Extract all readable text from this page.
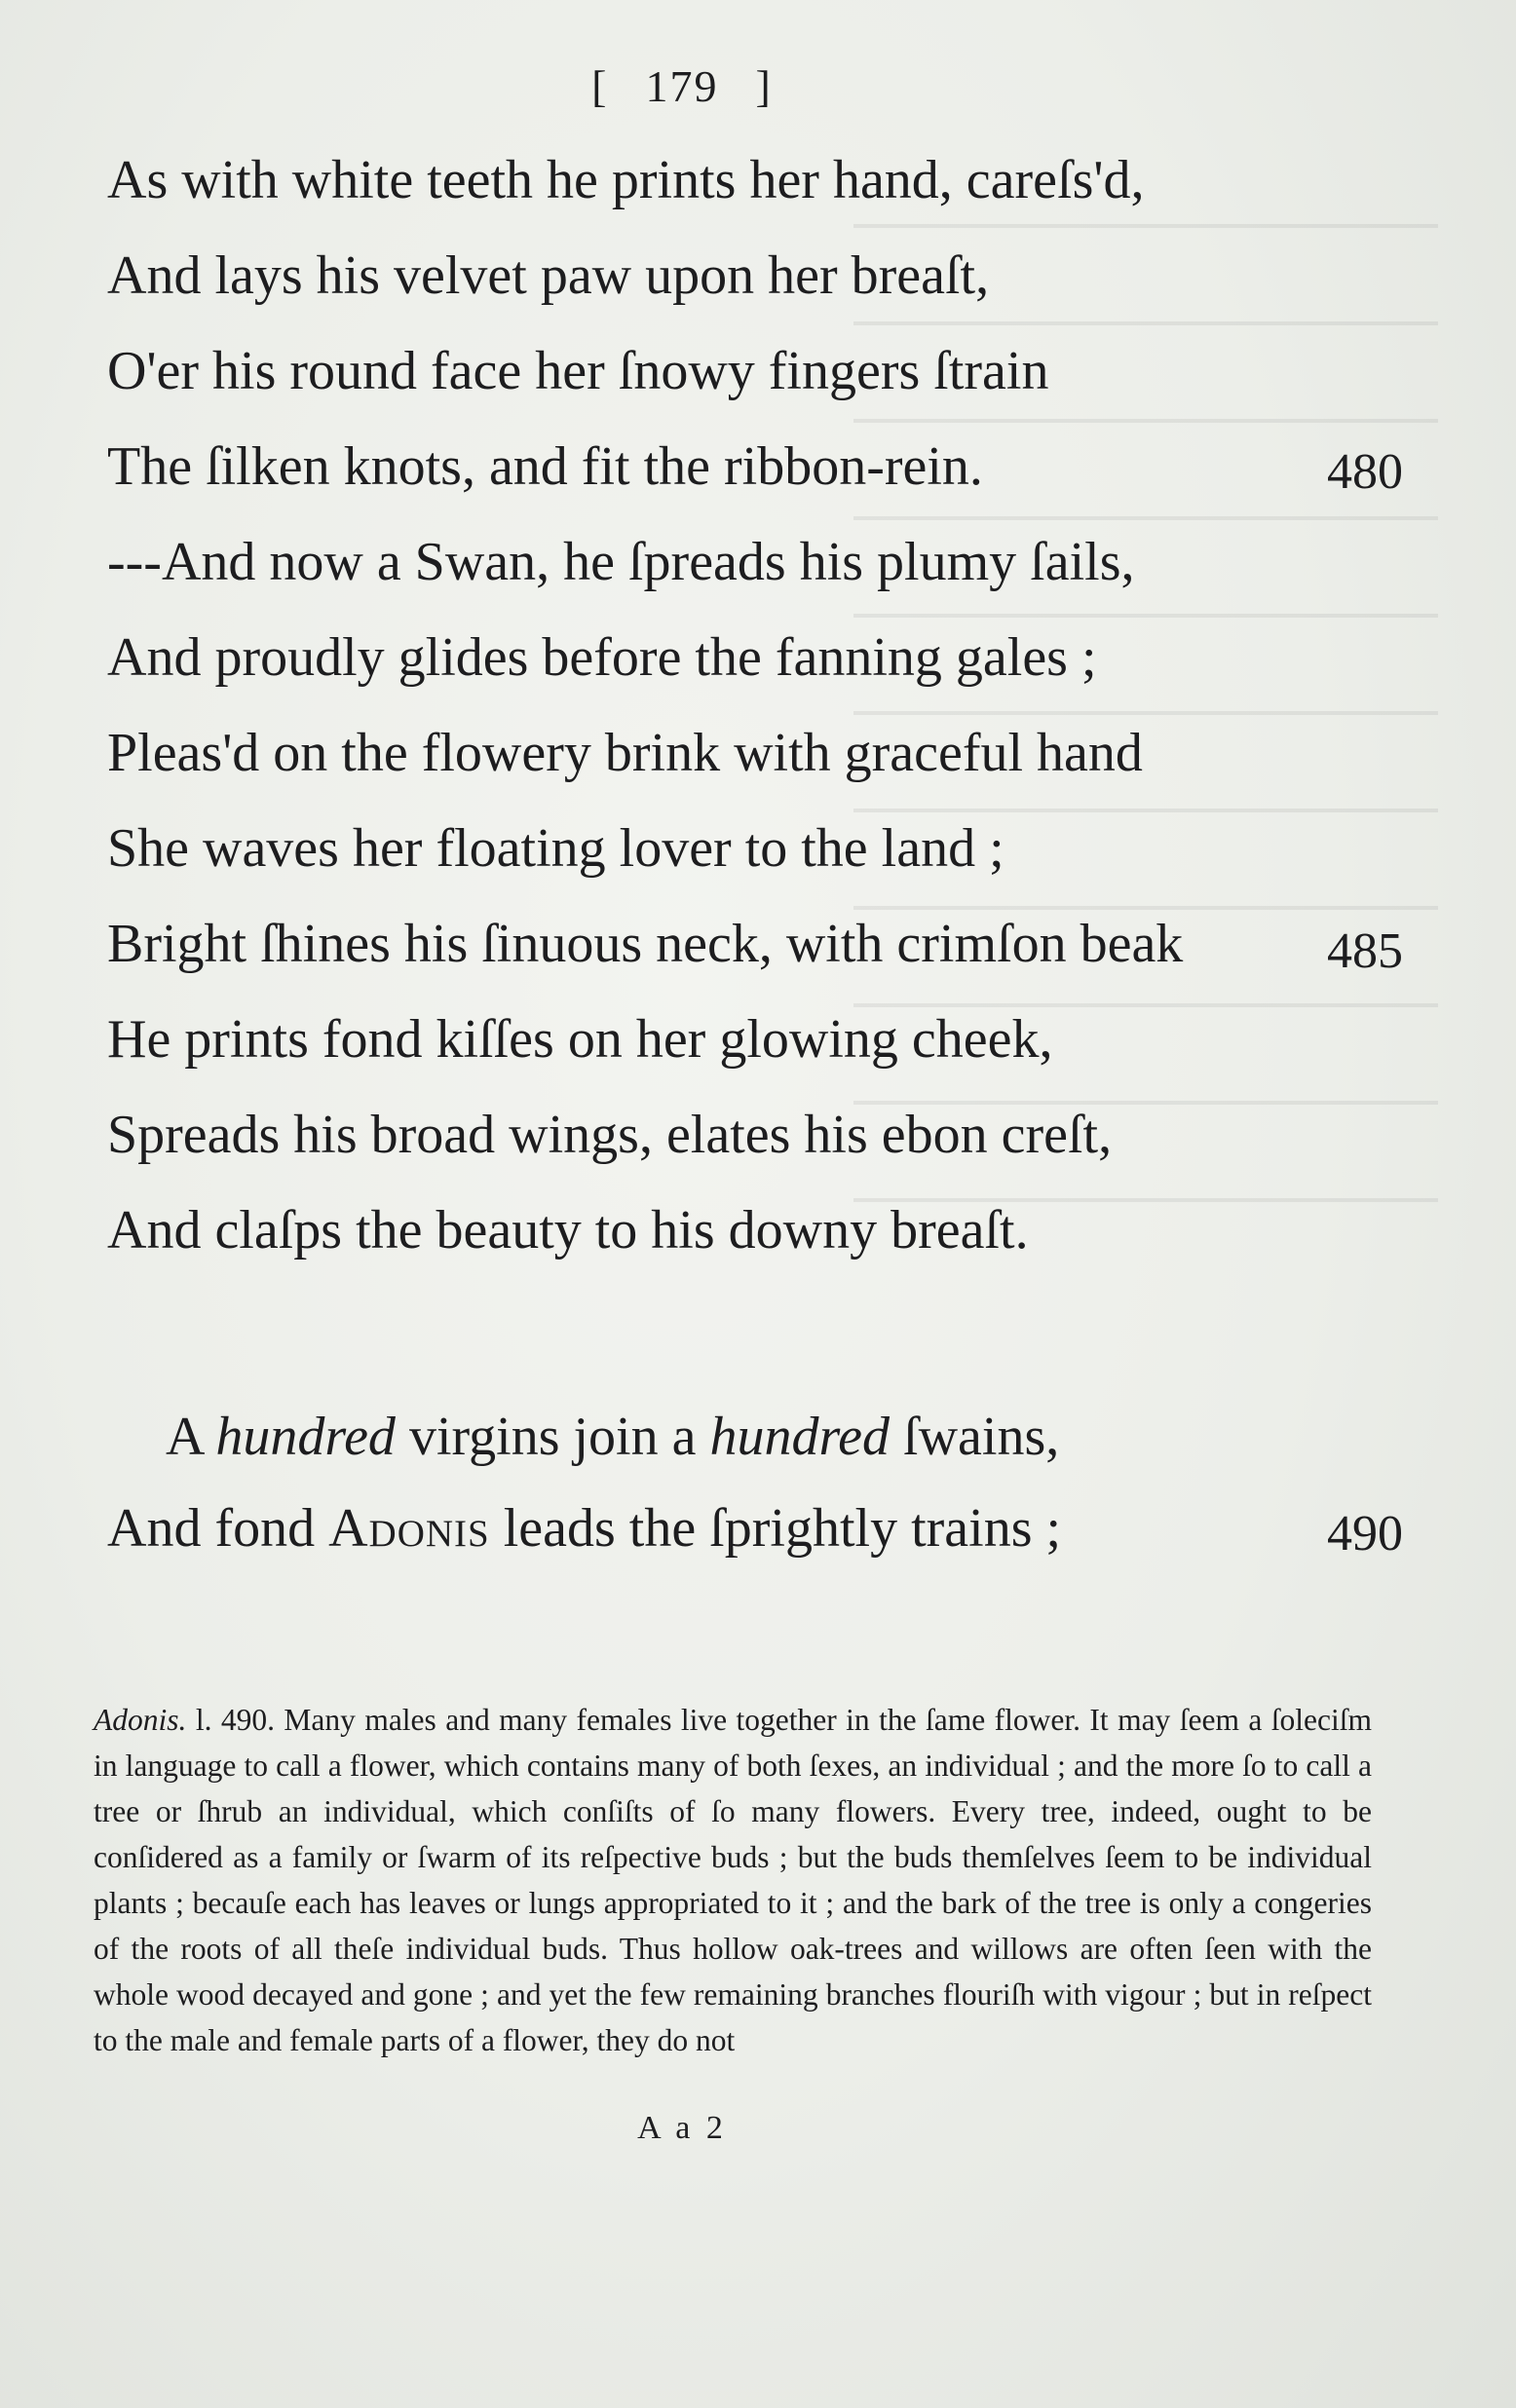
[ 179 ]
As with white teeth he prints her hand, careſs'd,
And lays his velvet paw upon her breaſt,
O'er his round face her ſnowy fingers ſtrain
The ſilken knots, and fit the ribbon-rein.	480
---And now a Swan, he ſpreads his plumy ſails,
And proudly glides before the fanning gales ;
Pleas'd on the flowery brink with graceful hand
She waves her floating lover to the land ;
Bright ſhines his ſinuous neck, with crimſon beak	485
He prints fond kiſſes on her glowing cheek,
Spreads his broad wings, elates his ebon creſt,
And claſps the beauty to his downy breaſt.
A hundred virgins join a hundred ſwains,
And fond Adonis leads the ſprightly trains ;	490
Adonis. l. 490. Many males and many females live together in the ſame flower. It may ſeem a ſoleciſm in language to call a flower, which contains many of both ſexes, an individual ; and the more ſo to call a tree or ſhrub an individual, which conſiſts of ſo many flowers. Every tree, indeed, ought to be conſidered as a family or ſwarm of its reſpective buds ; but the buds themſelves ſeem to be individual plants ; becauſe each has leaves or lungs appropriated to it ; and the bark of the tree is only a congeries of the roots of all theſe individual buds. Thus hollow oak-trees and willows are often ſeen with the whole wood decayed and gone ; and yet the few remaining branches flouriſh with vigour ; but in reſpect to the male and female parts of a flower, they do not
A a 2
